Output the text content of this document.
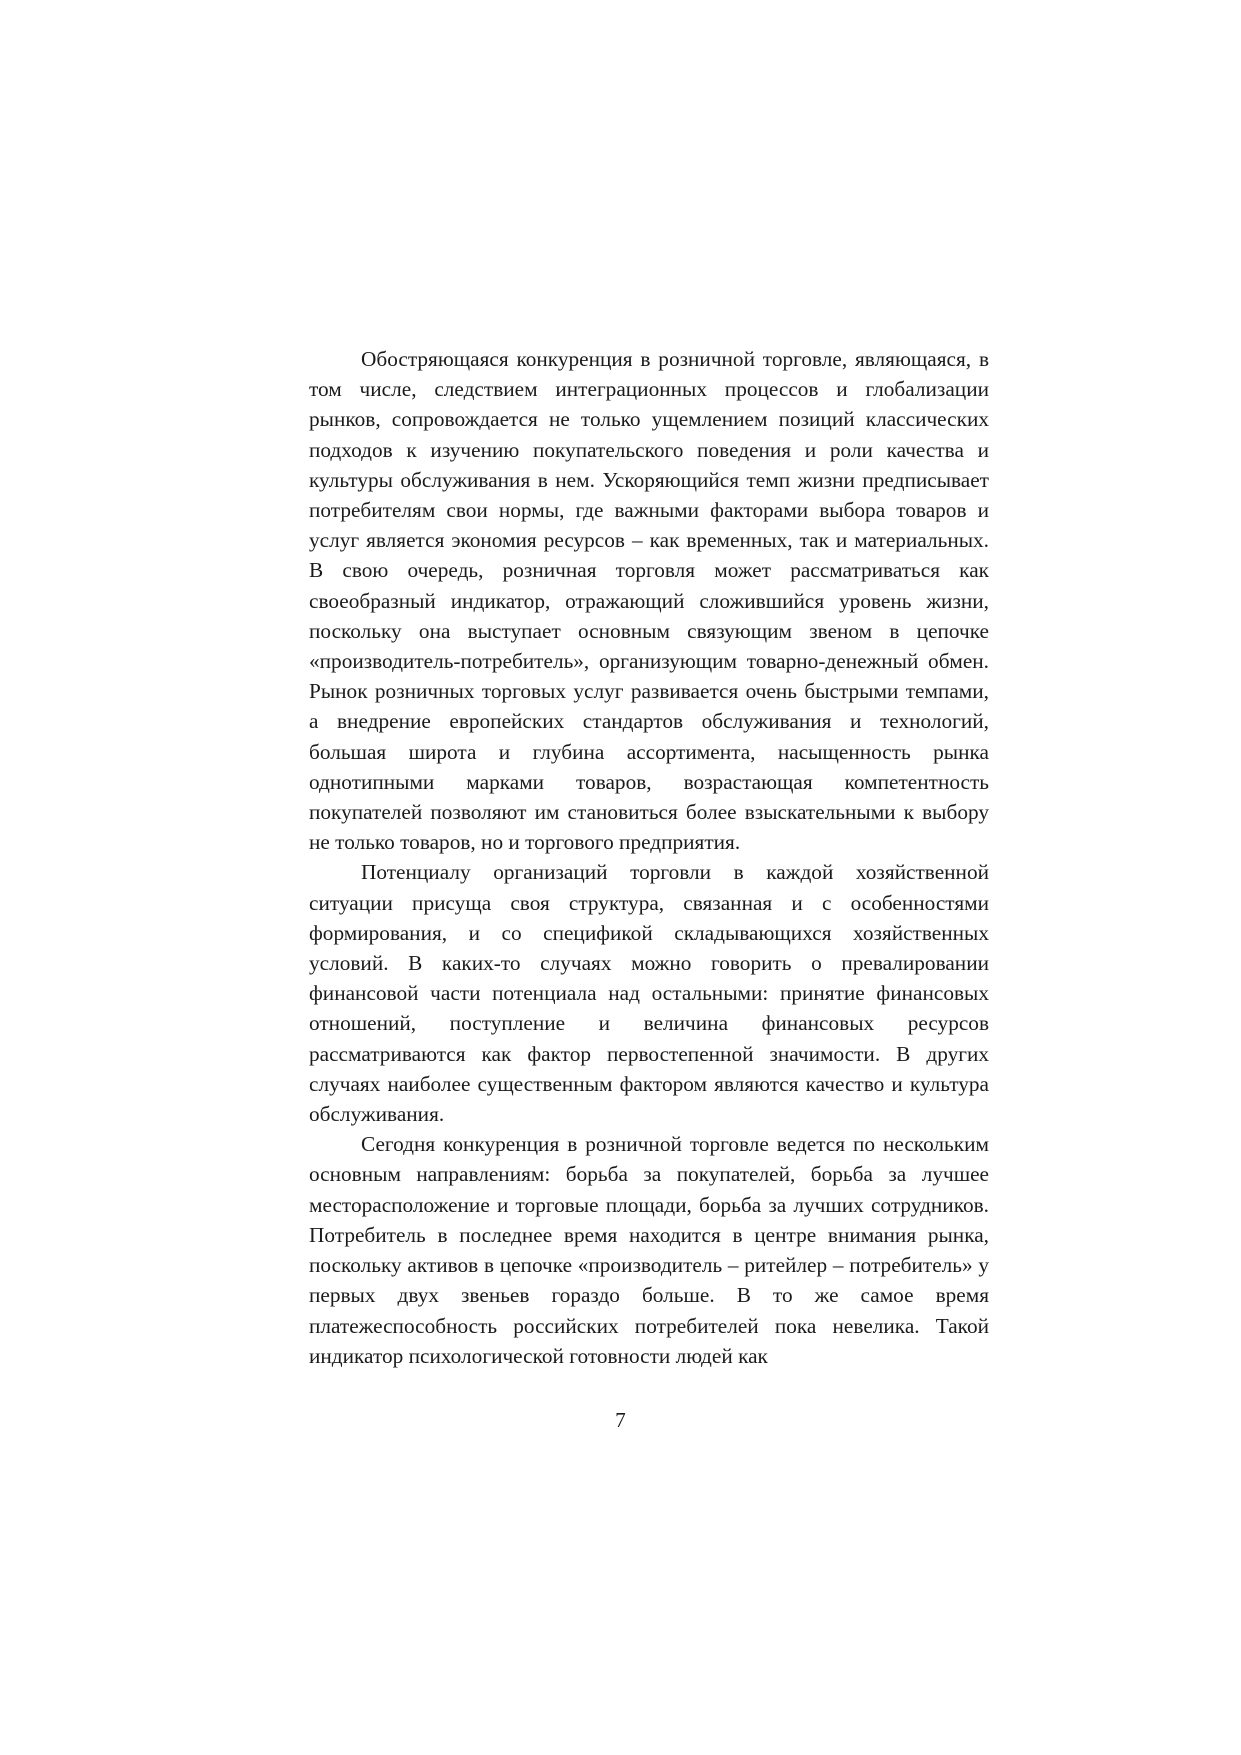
Обостряющаяся конкуренция в розничной торговле, являющаяся, в том числе, следствием интеграционных процессов и глобализации рынков, сопровождается не только ущемлением позиций классических подходов к изучению покупательского поведения и роли качества и культуры обслуживания в нем. Ускоряющийся темп жизни предписывает потребителям свои нормы, где важными факторами выбора товаров и услуг является экономия ресурсов – как временных, так и материальных. В свою очередь, розничная торговля может рассматриваться как своеобразный индикатор, отражающий сложившийся уровень жизни, поскольку она выступает основным связующим звеном в цепочке «производитель-потребитель», организующим товарно-денежный обмен. Рынок розничных торговых услуг развивается очень быстрыми темпами, а внедрение европейских стандартов обслуживания и технологий, большая широта и глубина ассортимента, насыщенность рынка однотипными марками товаров, возрастающая компетентность покупателей позволяют им становиться более взыскательными к выбору не только товаров, но и торгового предприятия.

Потенциалу организаций торговли в каждой хозяйственной ситуации присуща своя структура, связанная и с особенностями формирования, и со спецификой складывающихся хозяйственных условий. В каких-то случаях можно говорить о превалировании финансовой части потенциала над остальными: принятие финансовых отношений, поступление и величина финансовых ресурсов рассматриваются как фактор первостепенной значимости. В других случаях наиболее существенным фактором являются качество и культура обслуживания.

Сегодня конкуренция в розничной торговле ведется по нескольким основным направлениям: борьба за покупателей, борьба за лучшее месторасположение и торговые площади, борьба за лучших сотрудников. Потребитель в последнее время находится в центре внимания рынка, поскольку активов в цепочке «производитель – ритейлер – потребитель» у первых двух звеньев гораздо больше. В то же самое время платежеспособность российских потребителей пока невелика. Такой индикатор психологической готовности людей как

7
